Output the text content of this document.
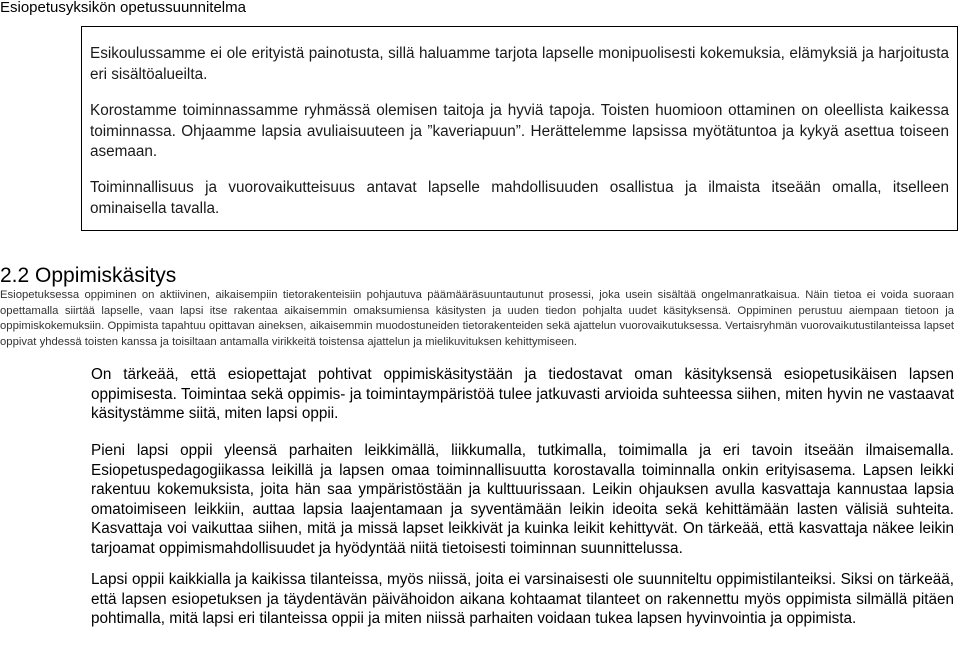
Esiopetusyksikön opetussuunnitelma

Esikoulussamme ei ole erityistä painotusta, sillä haluamme tarjota lapselle monipuolisesti kokemuksia, elämyksiä ja harjoitusta eri sisältöalueilta.

Korostamme toiminnassamme ryhmässä olemisen taitoja ja hyviä tapoja. Toisten huomioon ottaminen on oleellista kaikessa toiminnassa. Ohjaamme lapsia avuliaisuuteen ja ”kaveriapuun”. Herättelemme lapsissa myötätuntoa ja kykyä asettua toiseen asemaan.

Toiminnallisuus ja vuorovaikutteisuus antavat lapselle mahdollisuuden osallistua ja ilmaista itseään omalla, itselleen ominaisella tavalla.

2.2 Oppimiskäsitys

Esiopetuksessa oppiminen on aktiivinen, aikaisempiin tietorakenteisiin pohjautuva päämääräsuuntautunut prosessi, joka usein sisältää ongelmanratkaisua. Näin tietoa ei voida suoraan opettamalla siirtää lapselle, vaan lapsi itse rakentaa aikaisemmin omaksumiensa käsitysten ja uuden tiedon pohjalta uudet käsityksensä. Oppiminen perustuu aiempaan tietoon ja oppimiskokemuksiin. Oppimista tapahtuu opittavan aineksen, aikaisemmin muodostuneiden tietorakenteiden sekä ajattelun vuorovaikutuksessa. Vertaisryhmän vuorovaikutustilanteissa lapset oppivat yhdessä toisten kanssa ja toisiltaan antamalla virikkeitä toistensa ajattelun ja mielikuvituksen kehittymiseen.

On tärkeää, että esiopettajat pohtivat oppimiskäsitystään ja tiedostavat oman käsityksensä esiopetusikäisen lapsen oppimisesta. Toimintaa sekä oppimis- ja toimintaympäristöä tulee jatkuvasti arvioida suhteessa siihen, miten hyvin ne vastaavat käsitystämme siitä, miten lapsi oppii.

Pieni lapsi oppii yleensä parhaiten leikkimällä, liikkumalla, tutkimalla, toimimalla ja eri tavoin itseään ilmaisemalla. Esiopetuspedagogiikassa leikillä ja lapsen omaa toiminnallisuutta korostavalla toiminnalla onkin erityisasema. Lapsen leikki rakentuu kokemuksista, joita hän saa ympäristöstään ja kulttuurissaan. Leikin ohjauksen avulla kasvattaja kannustaa lapsia omatoimiseen leikkiin, auttaa lapsia laajentamaan ja syventämään leikin ideoita sekä kehittämään lasten välisiä suhteita. Kasvattaja voi vaikuttaa siihen, mitä ja missä lapset leikkivät ja kuinka leikit kehittyvät. On tärkeää, että kasvattaja näkee leikin tarjoamat oppimismahdollisuudet ja hyödyntää niitä tietoisesti toiminnan suunnittelussa.

Lapsi oppii kaikkialla ja kaikissa tilanteissa, myös niissä, joita ei varsinaisesti ole suunniteltu oppimistilanteiksi. Siksi on tärkeää, että lapsen esiopetuksen ja täydentävän päivähoidon aikana kohtaamat tilanteet on rakennettu myös oppimista silmällä pitäen pohtimalla, mitä lapsi eri tilanteissa oppii ja miten niissä parhaiten voidaan tukea lapsen hyvinvointia ja oppimista.
